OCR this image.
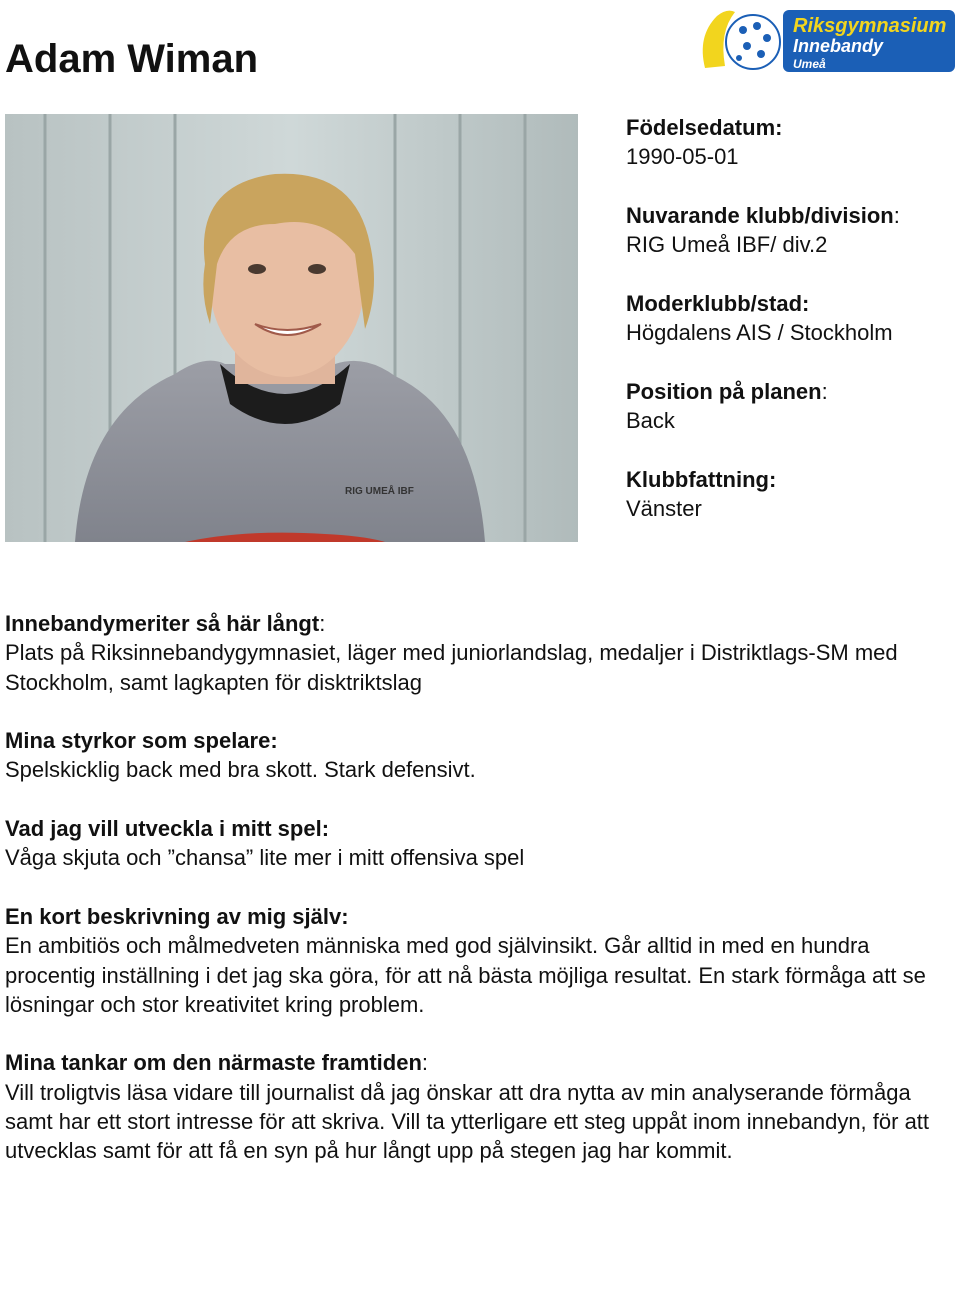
Adam Wiman
Riksgymnasium
Innebandy
Umeå
RIG UMEÅ IBF
Födelsedatum:
1990-05-01
Nuvarande klubb/division:
RIG Umeå IBF/ div.2
Moderklubb/stad:
Högdalens AIS / Stockholm
Position på planen:
Back
Klubbfattning:
Vänster

Innebandymeriter så här långt:

Plats på Riksinnebandygymnasiet, läger med juniorlandslag, medaljer i Distriktlags-SM med Stockholm, samt lagkapten för disktriktslag

Mina styrkor som spelare:

Spelskicklig back med bra skott. Stark defensivt.

Vad jag vill utveckla i mitt spel:

Våga skjuta och ”chansa” lite mer i mitt offensiva spel

En kort beskrivning av mig själv:

En ambitiös och målmedveten människa med god självinsikt. Går alltid in med en hundra procentig inställning i det jag ska göra, för att nå bästa möjliga resultat. En stark förmåga att se lösningar och stor kreativitet kring problem.

Mina tankar om den närmaste framtiden:

Vill troligtvis läsa vidare till journalist då jag önskar att dra nytta av min analyserande förmåga samt har ett stort intresse för att skriva. Vill ta ytterligare ett steg uppåt inom innebandyn, för att utvecklas samt för att få en syn på hur långt upp på stegen jag har kommit.
